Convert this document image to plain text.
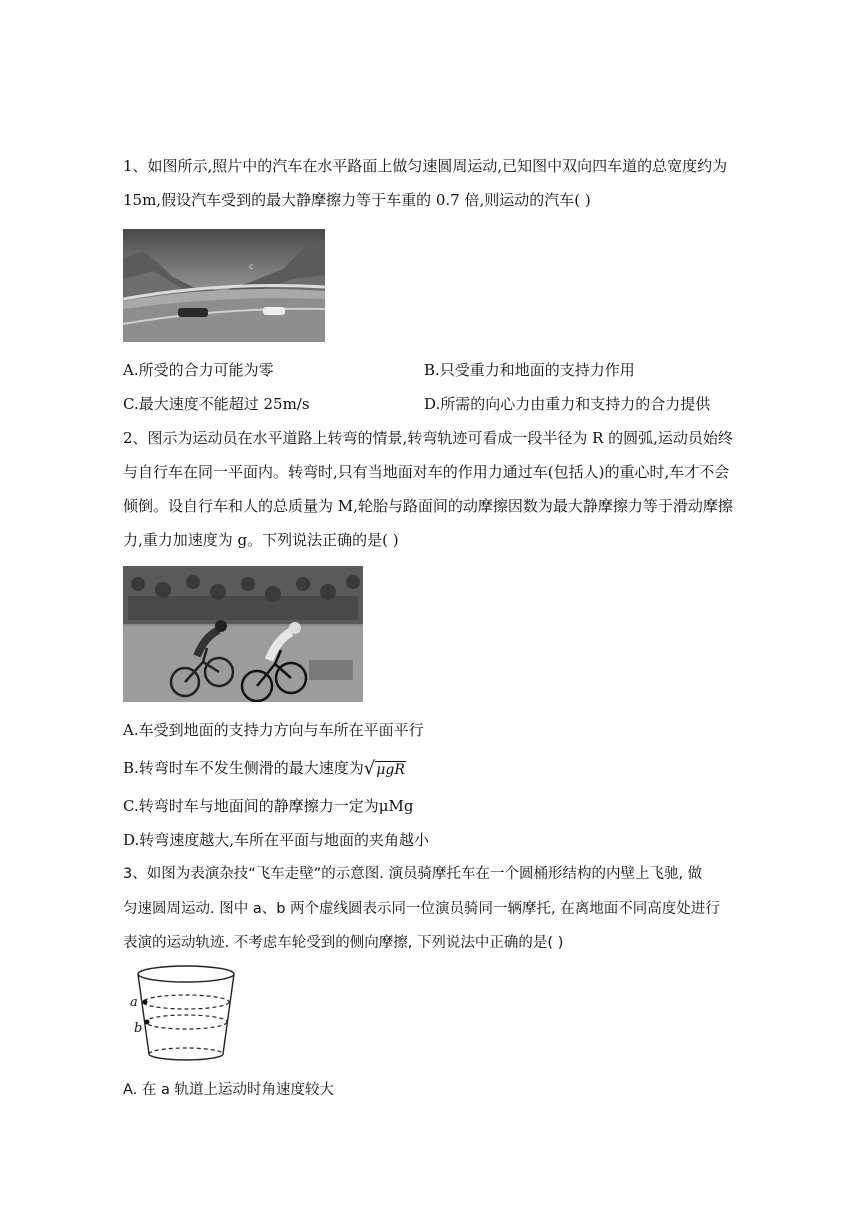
1、如图所示,照片中的汽车在水平路面上做匀速圆周运动,已知图中双向四车道的总宽度约为
15m,假设汽车受到的最大静摩擦力等于车重的 0.7 倍,则运动的汽车( )
c
A.所受的合力可能为零	B.只受重力和地面的支持力作用
C.最大速度不能超过 25m/s	D.所需的向心力由重力和支持力的合力提供
2、图示为运动员在水平道路上转弯的情景,转弯轨迹可看成一段半径为 R 的圆弧,运动员始终
与自行车在同一平面内。转弯时,只有当地面对车的作用力通过车(包括人)的重心时,车才不会
倾倒。设自行车和人的总质量为 M,轮胎与路面间的动摩擦因数为最大静摩擦力等于滑动摩擦
力,重力加速度为 g。下列说法正确的是( )
A.车受到地面的支持力方向与车所在平面平行
B.转弯时车不发生侧滑的最大速度为√μgR
C.转弯时车与地面间的静摩擦力一定为μMg
D.转弯速度越大,车所在平面与地面的夹角越小
3、如图为表演杂技“飞车走壁”的示意图. 演员骑摩托车在一个圆桶形结构的内壁上飞驰, 做
匀速圆周运动. 图中 a、b 两个虚线圆表示同一位演员骑同一辆摩托, 在离地面不同高度处进行
表演的运动轨迹. 不考虑车轮受到的侧向摩擦, 下列说法中正确的是( )
a
b
A. 在 a 轨道上运动时角速度较大
